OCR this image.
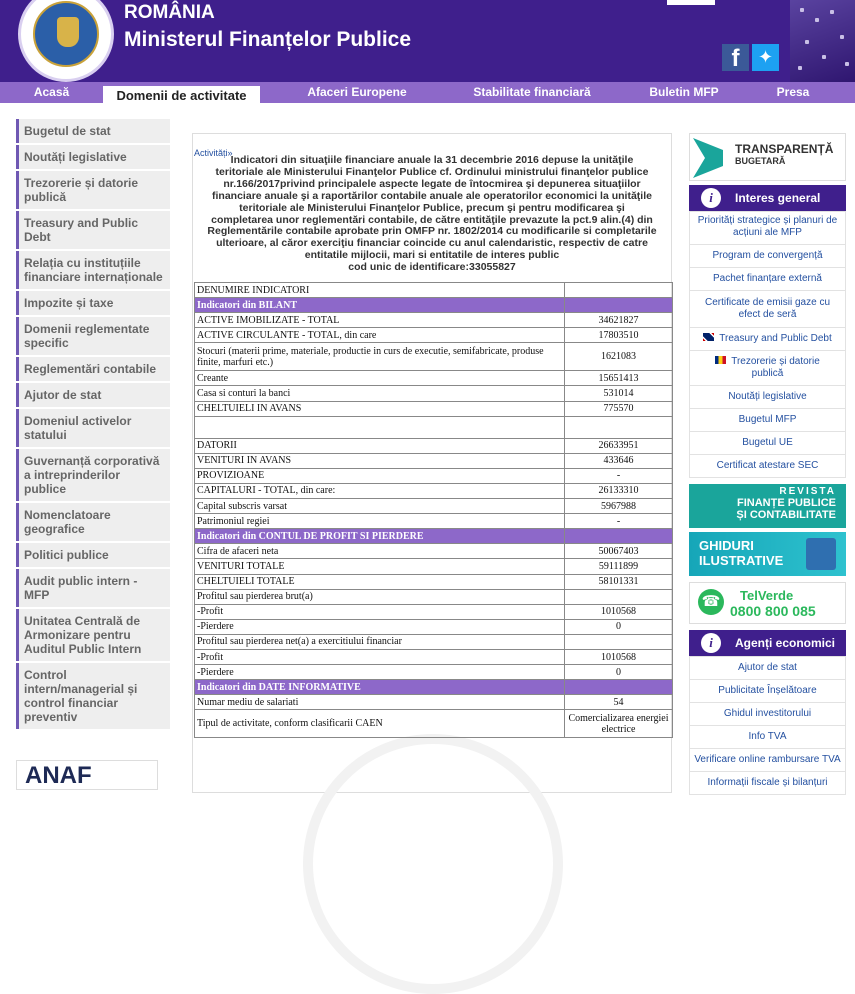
ROMÂNIA
Ministerul Finanțelor Publice
f	✦
Acasă	Domenii de activitate	Afaceri Europene	Stabilitate financiară	Buletin MFP	Presa
Bugetul de stat
Noutăți legislative
Trezorerie și datorie publică
Treasury and Public Debt
Relația cu instituțiile financiare internaționale
Impozite și taxe
Domenii reglementate specific
Reglementări contabile
Ajutor de stat
Domeniul activelor statului
Guvernanță corporativă a intreprinderilor publice
Nomenclatoare geografice
Politici publice
Audit public intern - MFP
Unitatea Centrală de Armonizare pentru Auditul Public Intern
Control intern/managerial și control financiar preventiv
ANAF
Activități»
Indicatori din situaţiile financiare anuale la 31 decembrie 2016 depuse la unităţile teritoriale ale Ministerului Finanţelor Publice cf. Ordinului ministrului finanţelor publice nr.166/2017privind principalele aspecte legate de întocmirea şi depunerea situaţiilor financiare anuale şi a raportărilor contabile anuale ale operatorilor economici la unităţile teritoriale ale Ministerului Finanţelor Publice, precum şi pentru modificarea şi completarea unor reglementări contabile, de către entităţile prevazute la pct.9 alin.(4) din Reglementările contabile aprobate prin OMFP nr. 1802/2014 cu modificarile si completarile ulterioare, al căror exerciţiu financiar coincide cu anul calendaristic, respectiv de catre entitatile mijlocii, mari si entitatile de interes public
cod unic de identificare:33055827
DENUMIRE INDICATORI	
Indicatori din BILANT	
ACTIVE IMOBILIZATE - TOTAL	34621827
ACTIVE CIRCULANTE - TOTAL, din care	17803510
Stocuri (materii prime, materiale, productie in curs de executie, semifabricate, produse finite, marfuri etc.)	1621083
Creante	15651413
Casa si conturi la banci	531014
CHELTUIELI IN AVANS	775570

DATORII	26633951
VENITURI IN AVANS	433646
PROVIZIOANE	-
CAPITALURI - TOTAL, din care:	26133310
Capital subscris varsat	5967988
Patrimoniul regiei	-
Indicatori din CONTUL DE PROFIT SI PIERDERE	
Cifra de afaceri neta	50067403
VENITURI TOTALE	59111899
CHELTUIELI TOTALE	58101331
Profitul sau pierderea brut(a)	
-Profit	1010568
-Pierdere	0
Profitul sau pierderea net(a) a exercitiului financiar	
-Profit	1010568
-Pierdere	0
Indicatori din DATE INFORMATIVE	
Numar mediu de salariati	54
Tipul de activitate, conform clasificarii CAEN	Comercializarea energiei electrice
TRANSPARENȚĂ
BUGETARĂ
i	Interes general
Priorități strategice și planuri de acțiuni ale MFP
Program de convergență
Pachet finanțare externă
Certificate de emisii gaze cu efect de seră
Treasury and Public Debt
Trezorerie și datorie publică
Noutăți legislative
Bugetul MFP
Bugetul UE
Certificat atestare SEC
REVISTA
FINANȚE PUBLICE
ȘI CONTABILITATE
GHIDURI
ILUSTRATIVE
☎ TelVerde
0800 800 085
i	Agenți economici
Ajutor de stat
Publicitate Înșelătoare
Ghidul investitorului
Info TVA
Verificare online rambursare TVA
Informații fiscale și bilanțuri
